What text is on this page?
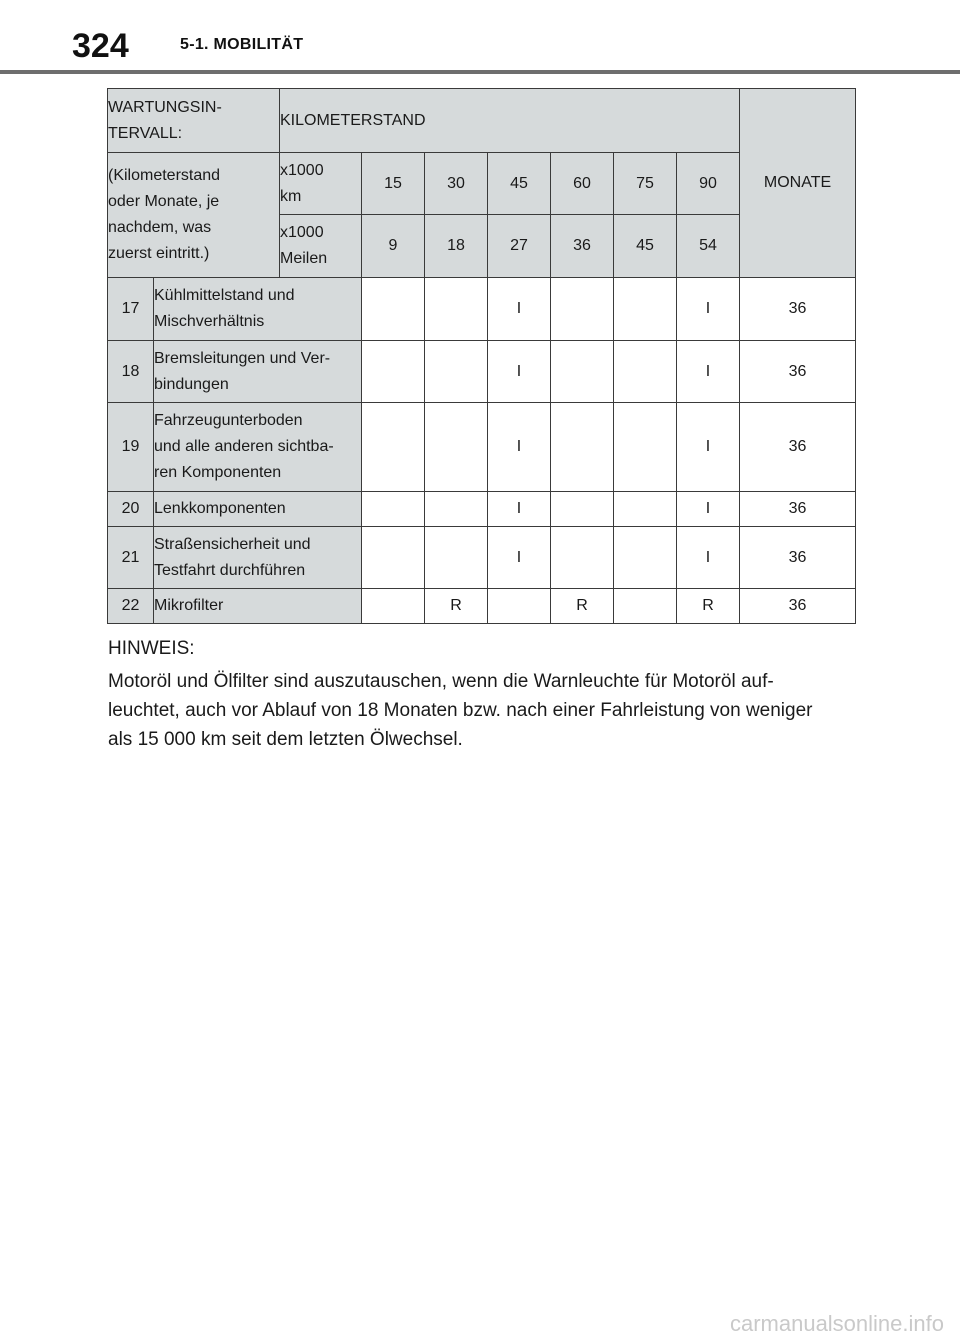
324	5-1. MOBILITÄT
WARTUNGSIN-
TERVALL:		KILOMETERSTAND							MONATE
(Kilometerstand
oder Monate, je
nachdem, was
zuerst eintritt.)		x1000
km	15	30	45	60	75	90	
		x1000
Meilen	9	18	27	36	45	54	
17	Kühlmittelstand und
Mischverhältnis				I			I	36
18	Bremsleitungen und Ver-
bindungen				I			I	36
19	Fahrzeugunterboden
und alle anderen sichtba-
ren Komponenten				I			I	36
20	Lenkkomponenten				I			I	36
21	Straßensicherheit und
Testfahrt durchführen				I			I	36
22	Mikrofilter			R		R		R	36

HINWEIS:

Motoröl und Ölfilter sind auszutauschen, wenn die Warnleuchte für Motoröl auf-

leuchtet, auch vor Ablauf von 18 Monaten bzw. nach einer Fahrleistung von weniger

als 15 000 km seit dem letzten Ölwechsel.

carmanualsonline.info
